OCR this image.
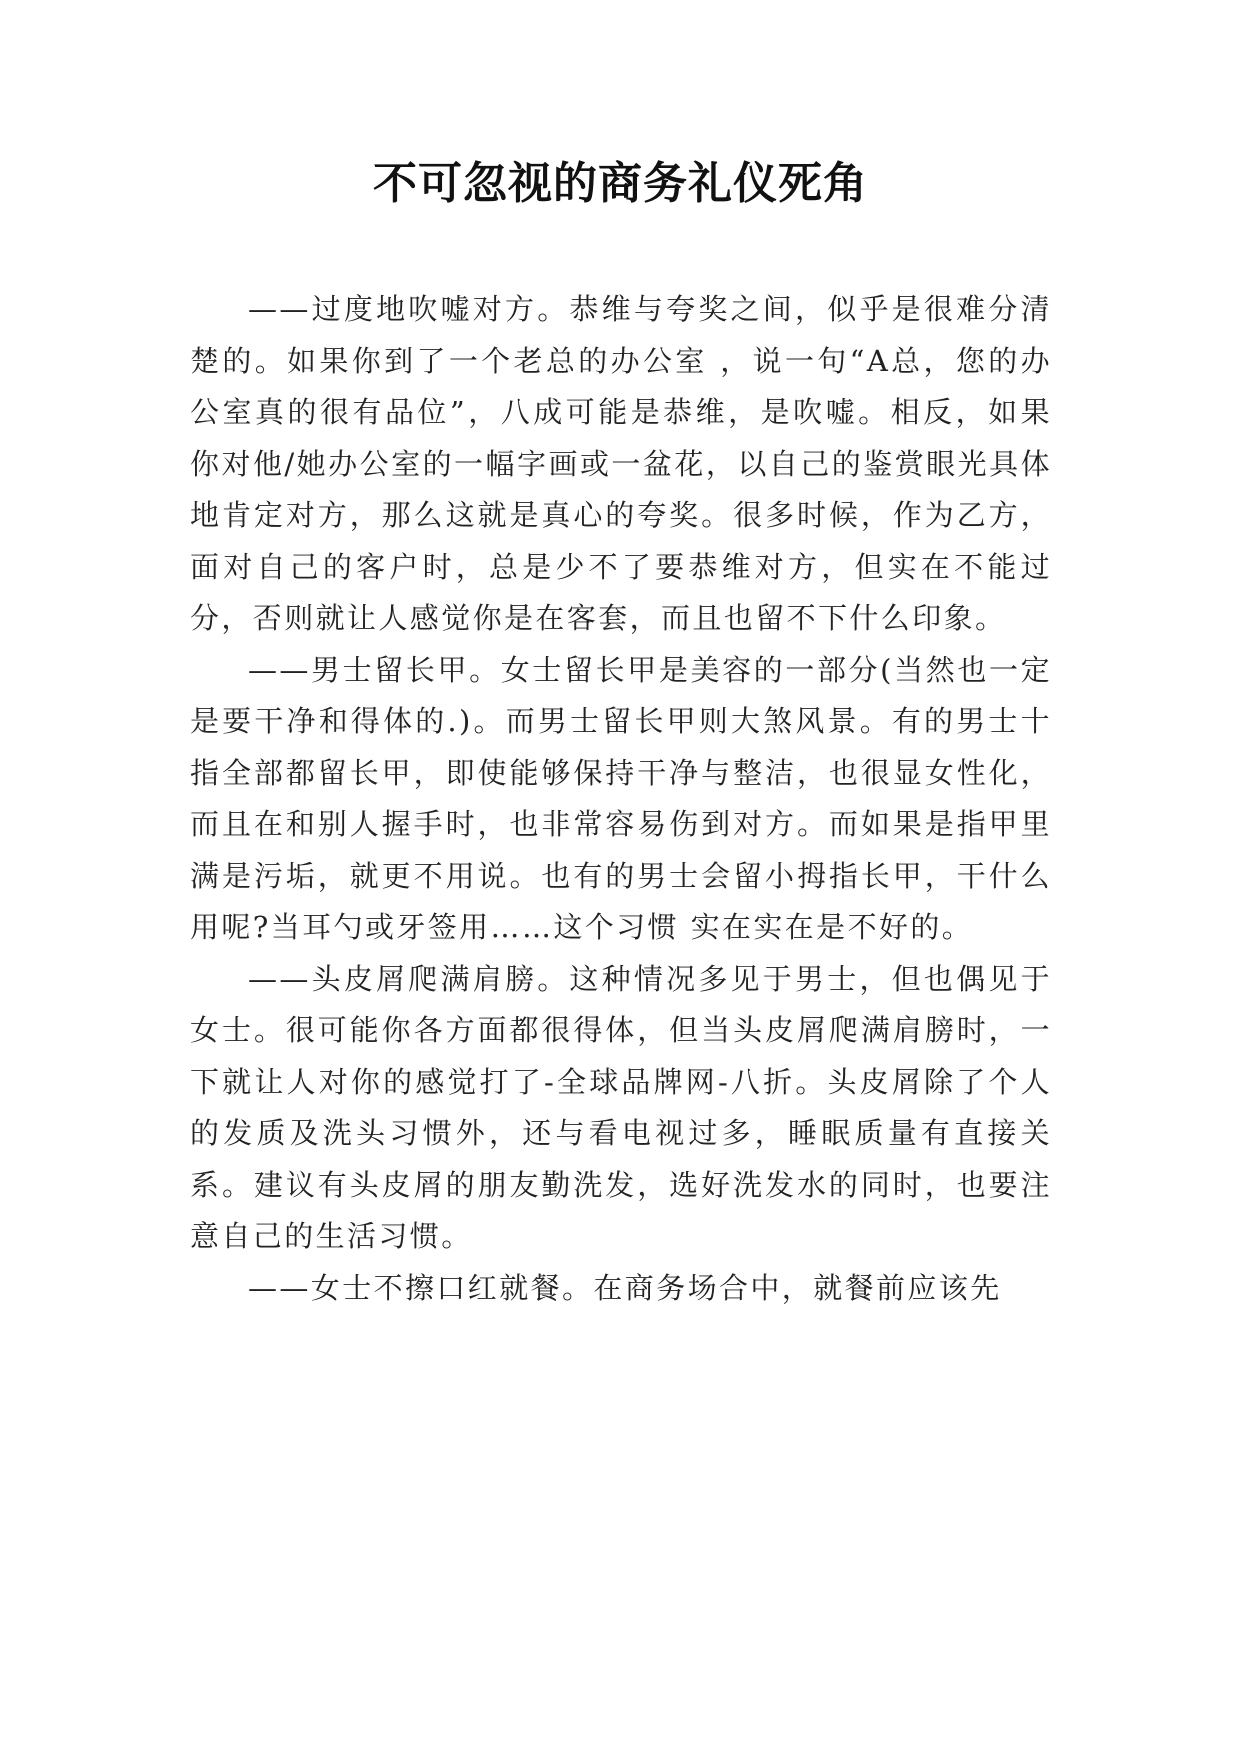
不可忽视的商务礼仪死角

——过度地吹嘘对方。恭维与夸奖之间，似乎是很难分清楚的。如果你到了一个老总的办公室 ，说一句“A总，您的办公室真的很有品位”，八成可能是恭维，是吹嘘。相反，如果你对他/她办公室的一幅字画或一盆花，以自己的鉴赏眼光具体地肯定对方，那么这就是真心的夸奖。很多时候，作为乙方，面对自己的客户时，总是少不了要恭维对方，但实在不能过分，否则就让人感觉你是在客套，而且也留不下什么印象。

——男士留长甲。女士留长甲是美容的一部分(当然也一定是要干净和得体的.)。而男士留长甲则大煞风景。有的男士十指全部都留长甲，即使能够保持干净与整洁，也很显女性化，而且在和别人握手时，也非常容易伤到对方。而如果是指甲里满是污垢，就更不用说。也有的男士会留小拇指长甲，干什么用呢?当耳勺或牙签用……这个习惯 实在实在是不好的。

——头皮屑爬满肩膀。这种情况多见于男士，但也偶见于女士。很可能你各方面都很得体，但当头皮屑爬满肩膀时，一下就让人对你的感觉打了-全球品牌网-八折。头皮屑除了个人的发质及洗头习惯外，还与看电视过多，睡眠质量有直接关系。建议有头皮屑的朋友勤洗发，选好洗发水的同时，也要注意自己的生活习惯。

——女士不擦口红就餐。在商务场合中，就餐前应该先
